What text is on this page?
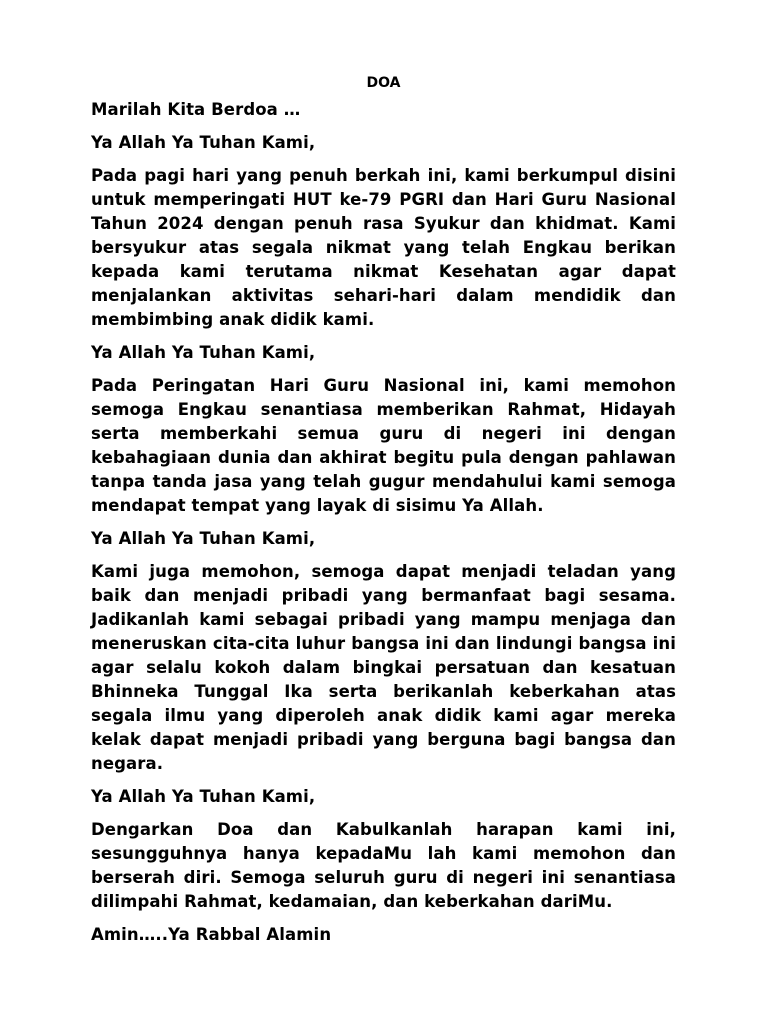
DOA

Marilah Kita Berdoa …

Ya Allah Ya Tuhan Kami,

Pada pagi hari yang penuh berkah ini, kami berkumpul disini untuk memperingati HUT ke-79 PGRI dan Hari Guru Nasional Tahun 2024 dengan penuh rasa Syukur dan khidmat. Kami bersyukur atas segala nikmat yang telah Engkau berikan kepada kami terutama nikmat Kesehatan agar dapat menjalankan aktivitas sehari-hari dalam mendidik dan membimbing anak didik kami.

Ya Allah Ya Tuhan Kami,

Pada Peringatan Hari Guru Nasional ini, kami memohon semoga Engkau senantiasa memberikan Rahmat, Hidayah serta memberkahi semua guru di negeri ini dengan kebahagiaan dunia dan akhirat begitu pula dengan pahlawan tanpa tanda jasa yang telah gugur mendahului kami semoga mendapat tempat yang layak di sisimu Ya Allah.

Ya Allah Ya Tuhan Kami,

Kami juga memohon, semoga dapat menjadi teladan yang baik dan menjadi pribadi yang bermanfaat bagi sesama. Jadikanlah kami sebagai pribadi yang mampu menjaga dan meneruskan cita-cita luhur bangsa ini dan lindungi bangsa ini agar selalu kokoh dalam bingkai persatuan dan kesatuan Bhinneka Tunggal Ika serta berikanlah keberkahan atas segala ilmu yang diperoleh anak didik kami agar mereka kelak dapat menjadi pribadi yang berguna bagi bangsa dan negara.

Ya Allah Ya Tuhan Kami,

Dengarkan Doa dan Kabulkanlah harapan kami ini, sesungguhnya hanya kepadaMu lah kami memohon dan berserah diri. Semoga seluruh guru di negeri ini senantiasa dilimpahi Rahmat, kedamaian, dan keberkahan dariMu.

Amin…..Ya Rabbal Alamin
